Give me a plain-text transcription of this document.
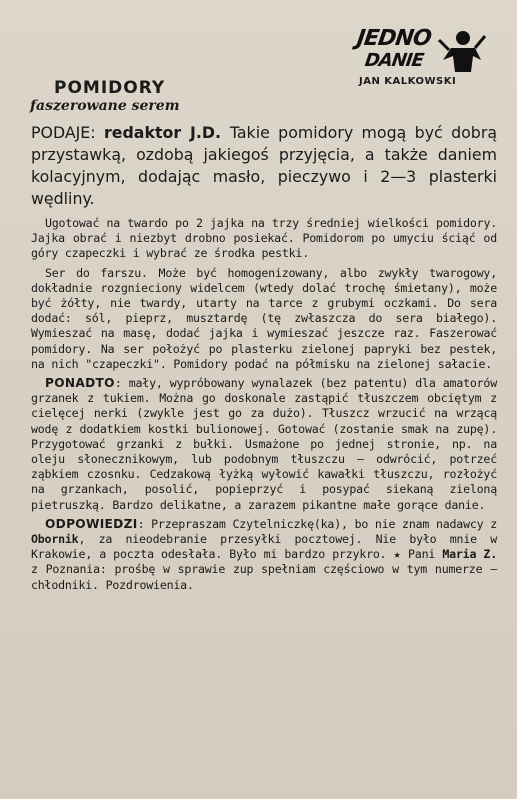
JEDNO
DANIE
JAN KALKOWSKI
POMIDORY
faszerowane serem

PODAJE: redaktor J.D. Takie pomidory mogą być dobrą przystawką, ozdobą jakiegoś przyjęcia, a także daniem kolacyjnym, dodając masło, pieczywo i 2—3 plasterki wędliny.

Ugotować na twardo po 2 jajka na trzy średniej wielkości pomidory. Jajka obrać i niezbyt drobno posiekać. Pomidorom po umyciu ściąć od góry czapeczki i wybrać ze środka pestki.

Ser do farszu. Może być homogenizowany, albo zwykły twarogowy, dokładnie rozgnieciony widelcem (wtedy dolać trochę śmietany), może być żółty, nie twardy, utarty na tarce z grubymi oczkami. Do sera dodać: sól, pieprz, musztardę (tę zwłaszcza do sera białego). Wymieszać na masę, dodać jajka i wymieszać jeszcze raz. Faszerować pomidory. Na ser położyć po plasterku zielonej papryki bez pestek, na nich "czapeczki". Pomidory podać na półmisku na zielonej sałacie.

PONADTO: mały, wypróbowany wynalazek (bez patentu) dla amatorów grzanek z tukiem. Można go doskonale zastąpić tłuszczem obciętym z cielęcej nerki (zwykle jest go za dużo). Tłuszcz wrzucić na wrzącą wodę z dodatkiem kostki bulionowej. Gotować (zostanie smak na zupę). Przygotować grzanki z bułki. Usmażone po jednej stronie, np. na oleju słonecznikowym, lub podobnym tłuszczu — odwrócić, potrzeć ząbkiem czosnku. Cedzakową łyżką wyłowić kawałki tłuszczu, rozłożyć na grzankach, posolić, popieprzyć i posypać siekaną zieloną pietruszką. Bardzo delikatne, a zarazem pikantne małe gorące danie.

ODPOWIEDZI: Przepraszam Czytelniczkę(ka), bo nie znam nadawcy z Obornik, za nieodebranie przesyłki pocztowej. Nie było mnie w Krakowie, a poczta odesłała. Było mi bardzo przykro. ★ Pani Maria Z. z Poznania: prośbę w sprawie zup spełniam częściowo w tym numerze — chłodniki. Pozdrowienia.
